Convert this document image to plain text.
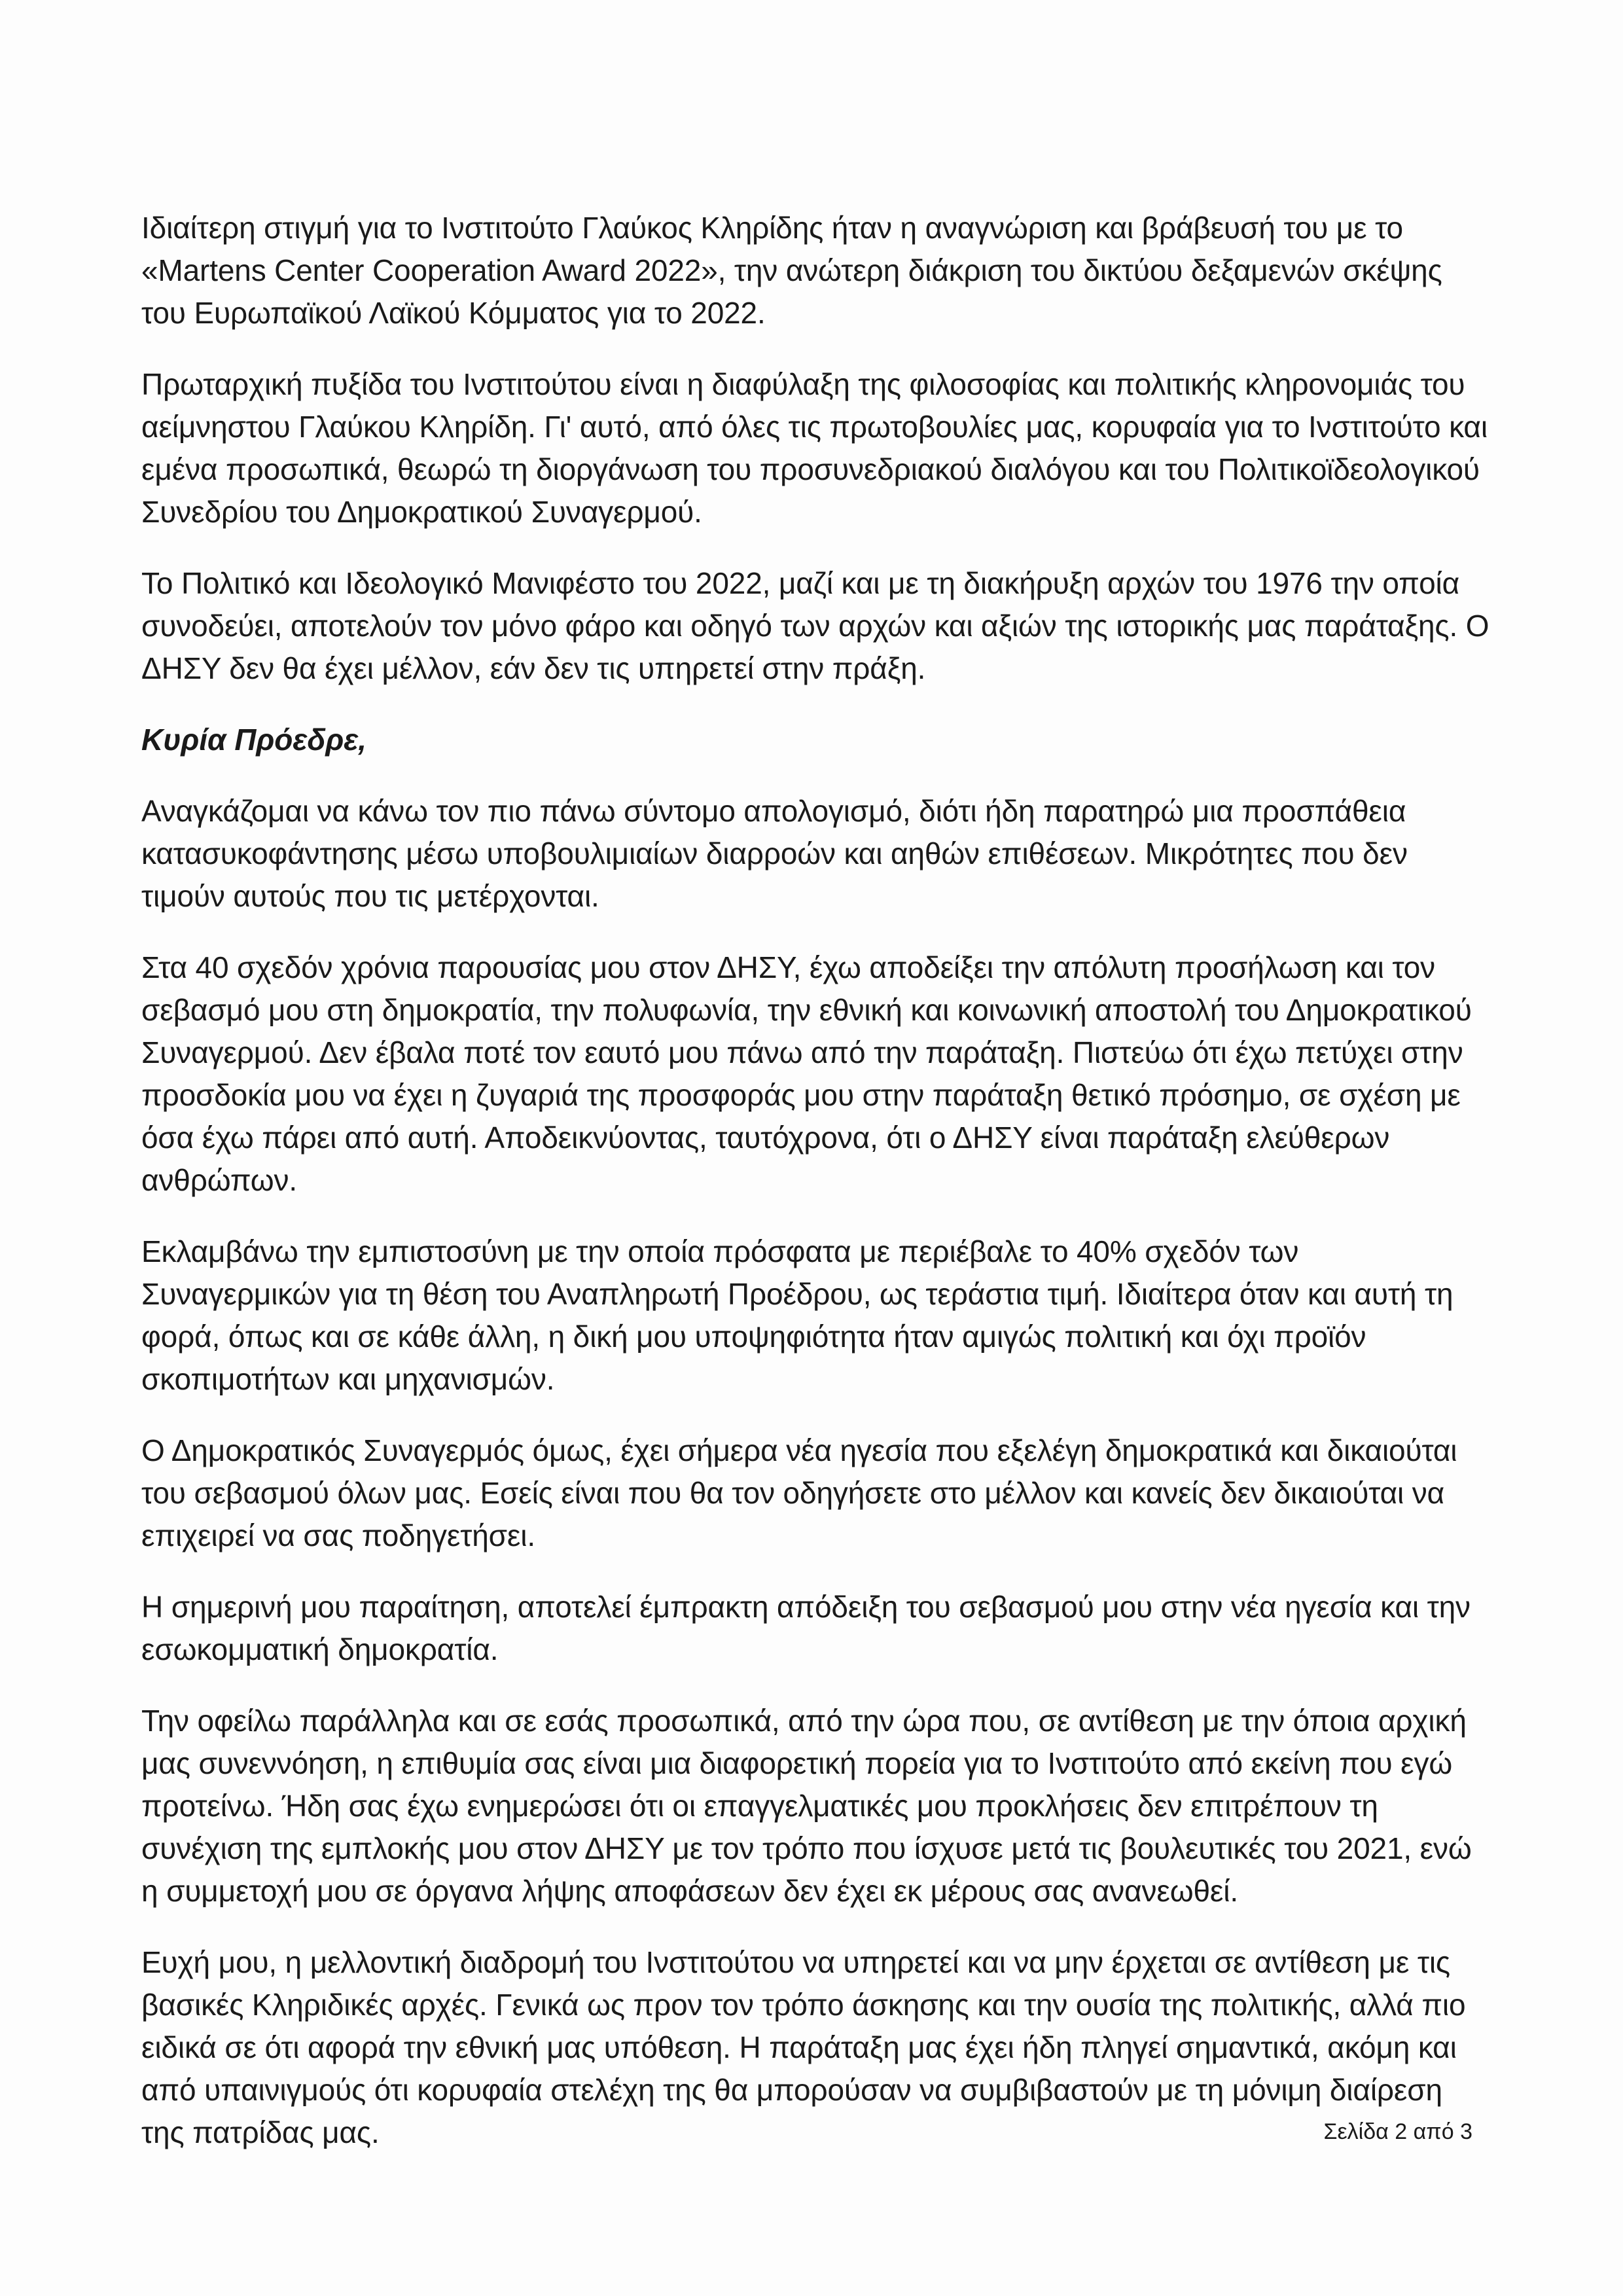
Ιδιαίτερη στιγμή για το Ινστιτούτο Γλαύκος Κληρίδης ήταν η αναγνώριση και βράβευσή του με το «Martens Center Cooperation Award 2022», την ανώτερη διάκριση του δικτύου δεξαμενών σκέψης του Ευρωπαϊκού Λαϊκού Κόμματος για το 2022.

Πρωταρχική πυξίδα του Ινστιτούτου είναι η διαφύλαξη της φιλοσοφίας και πολιτικής κληρονομιάς του αείμνηστου Γλαύκου Κληρίδη. Γι' αυτό, από όλες τις πρωτοβουλίες μας, κορυφαία για το Ινστιτούτο και εμένα προσωπικά, θεωρώ τη διοργάνωση του προσυνεδριακού διαλόγου και του Πολιτικοϊδεολογικού Συνεδρίου του Δημοκρατικού Συναγερμού.

Το Πολιτικό και Ιδεολογικό Μανιφέστο του 2022, μαζί και με τη διακήρυξη αρχών του 1976 την οποία συνοδεύει, αποτελούν τον μόνο φάρο και οδηγό των αρχών και αξιών της ιστορικής μας παράταξης. Ο ΔΗΣΥ δεν θα έχει μέλλον, εάν δεν τις υπηρετεί στην πράξη.

Κυρία Πρόεδρε,

Αναγκάζομαι να κάνω τον πιο πάνω σύντομο απολογισμό, διότι ήδη παρατηρώ μια προσπάθεια κατασυκοφάντησης μέσω υποβουλιμιαίων διαρροών και αηθών επιθέσεων. Μικρότητες που δεν τιμούν αυτούς που τις μετέρχονται.

Στα 40 σχεδόν χρόνια παρουσίας μου στον ΔΗΣΥ, έχω αποδείξει την απόλυτη προσήλωση και τον σεβασμό μου στη δημοκρατία, την πολυφωνία, την εθνική και κοινωνική αποστολή του Δημοκρατικού Συναγερμού. Δεν έβαλα ποτέ τον εαυτό μου πάνω από την παράταξη. Πιστεύω ότι έχω πετύχει στην προσδοκία μου να έχει η ζυγαριά της προσφοράς μου στην παράταξη θετικό πρόσημο, σε σχέση με όσα έχω πάρει από αυτή. Αποδεικνύοντας, ταυτόχρονα, ότι ο ΔΗΣΥ είναι παράταξη ελεύθερων ανθρώπων.

Εκλαμβάνω την εμπιστοσύνη με την οποία πρόσφατα με περιέβαλε το 40% σχεδόν των Συναγερμικών για τη θέση του Αναπληρωτή Προέδρου, ως τεράστια τιμή. Ιδιαίτερα όταν και αυτή τη φορά, όπως και σε κάθε άλλη, η δική μου υποψηφιότητα ήταν αμιγώς πολιτική και όχι προϊόν σκοπιμοτήτων και μηχανισμών.

Ο Δημοκρατικός Συναγερμός όμως, έχει σήμερα νέα ηγεσία που εξελέγη δημοκρατικά και δικαιούται του σεβασμού όλων μας. Εσείς είναι που θα τον οδηγήσετε στο μέλλον και κανείς δεν δικαιούται να επιχειρεί να σας ποδηγετήσει.

Η σημερινή μου παραίτηση, αποτελεί έμπρακτη απόδειξη του σεβασμού μου στην νέα ηγεσία και την εσωκομματική δημοκρατία.

Την οφείλω παράλληλα και σε εσάς προσωπικά, από την ώρα που, σε αντίθεση με την όποια αρχική μας συνεννόηση, η επιθυμία σας είναι μια διαφορετική πορεία για το Ινστιτούτο από εκείνη που εγώ προτείνω. Ήδη σας έχω ενημερώσει ότι οι επαγγελματικές μου προκλήσεις δεν επιτρέπουν τη συνέχιση της εμπλοκής μου στον ΔΗΣΥ με τον τρόπο που ίσχυσε μετά τις βουλευτικές του 2021, ενώ η συμμετοχή μου σε όργανα λήψης αποφάσεων δεν έχει εκ μέρους σας ανανεωθεί.

Ευχή μου, η μελλοντική διαδρομή του Ινστιτούτου να υπηρετεί και να μην έρχεται σε αντίθεση με τις βασικές Κληριδικές αρχές. Γενικά ως προν τον τρόπο άσκησης και την ουσία της πολιτικής, αλλά πιο ειδικά σε ότι αφορά την εθνική μας υπόθεση. Η παράταξη μας έχει ήδη πληγεί σημαντικά, ακόμη και από υπαινιγμούς ότι κορυφαία στελέχη της θα μπορούσαν να συμβιβαστούν με τη μόνιμη διαίρεση της πατρίδας μας.	Σελίδα 2 από 3
